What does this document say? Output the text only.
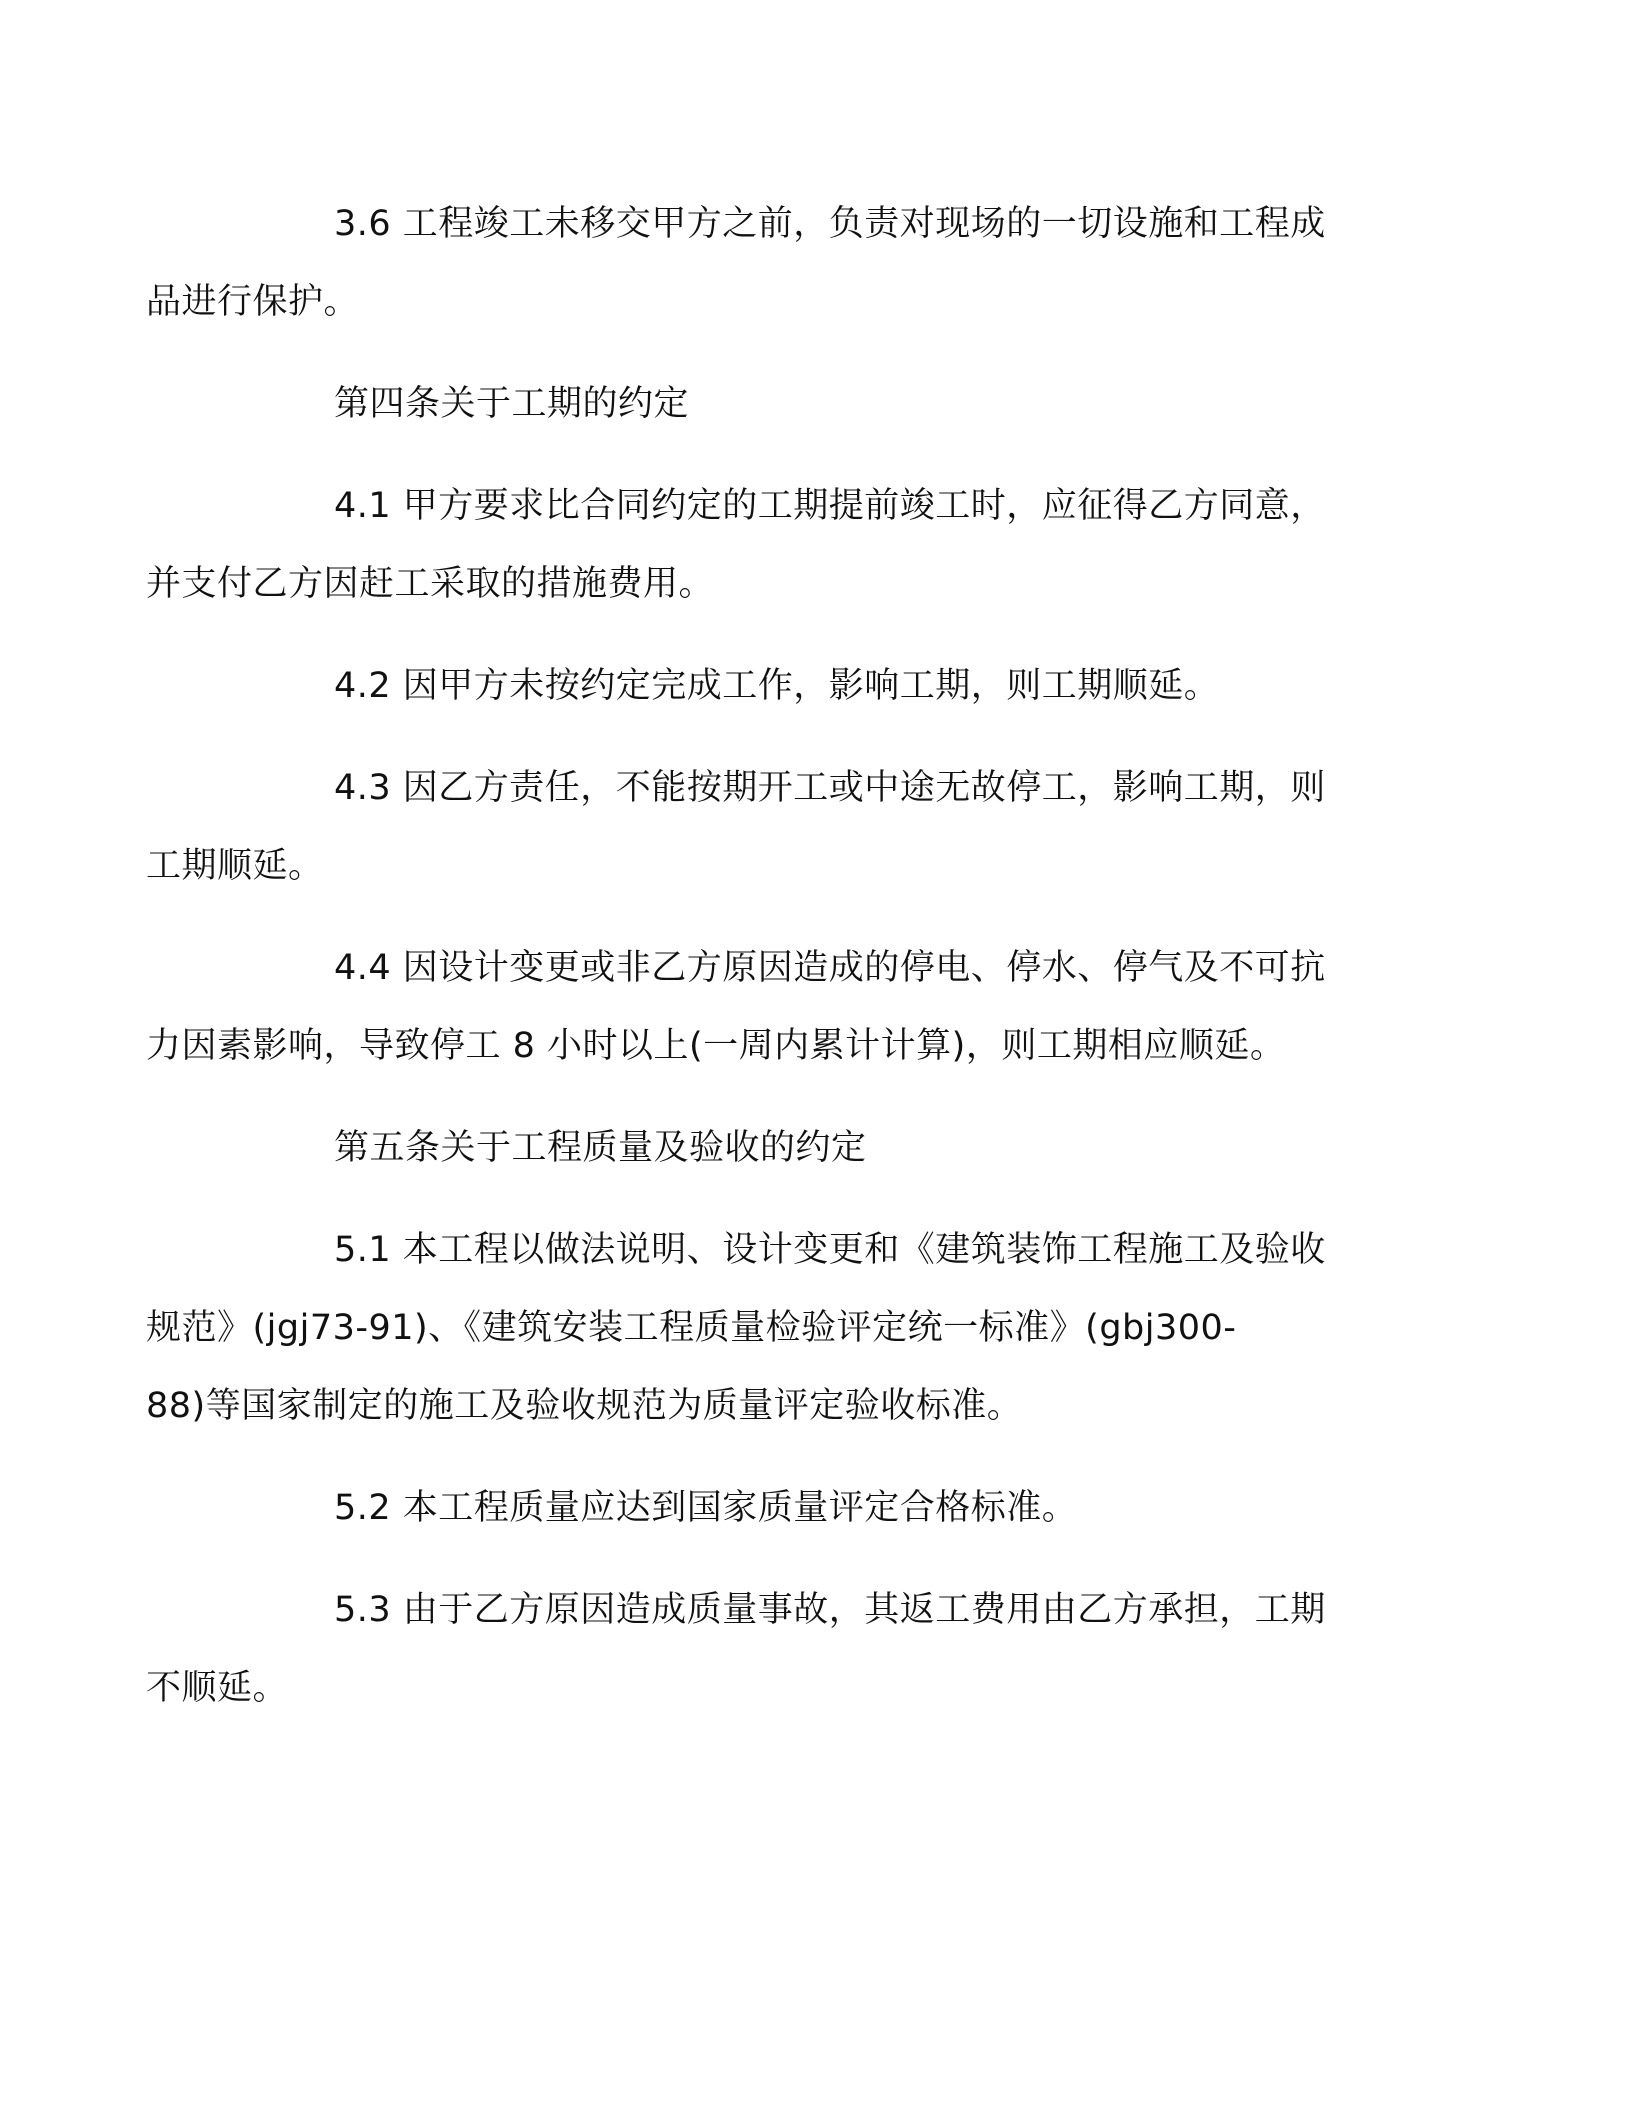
3.6 工程竣工未移交甲方之前，负责对现场的一切设施和工程成
品进行保护。
第四条关于工期的约定
4.1 甲方要求比合同约定的工期提前竣工时，应征得乙方同意，
并支付乙方因赶工采取的措施费用。
4.2 因甲方未按约定完成工作，影响工期，则工期顺延。
4.3 因乙方责任，不能按期开工或中途无故停工，影响工期，则
工期顺延。
4.4 因设计变更或非乙方原因造成的停电、停水、停气及不可抗
力因素影响，导致停工 8 小时以上(一周内累计计算)，则工期相应顺延。
第五条关于工程质量及验收的约定
5.1 本工程以做法说明、设计变更和《建筑装饰工程施工及验收
规范》(jgj73-91)、《建筑安装工程质量检验评定统一标准》(gbj300-
88)等国家制定的施工及验收规范为质量评定验收标准。
5.2 本工程质量应达到国家质量评定合格标准。
5.3 由于乙方原因造成质量事故，其返工费用由乙方承担，工期
不顺延。
